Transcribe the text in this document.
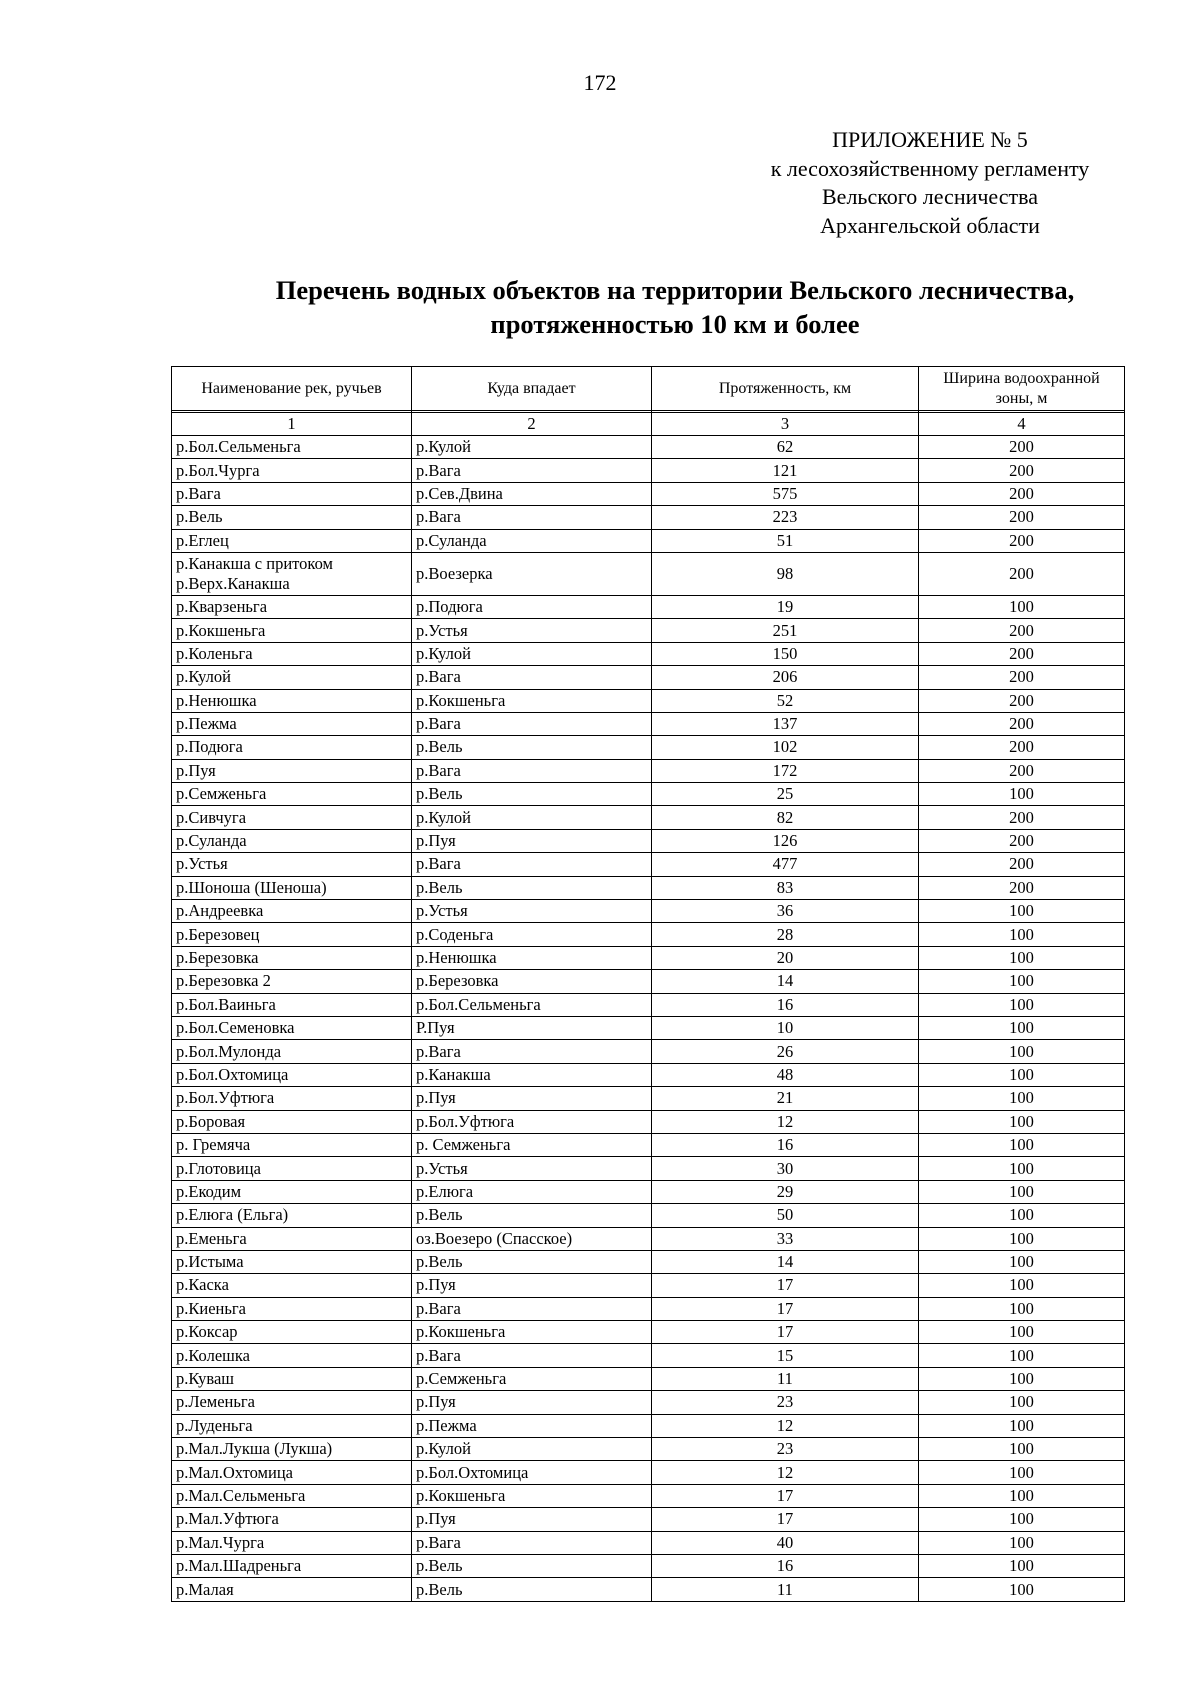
172
ПРИЛОЖЕНИЕ № 5
к лесохозяйственному регламенту
Вельского лесничества
Архангельской области
Перечень водных объектов на территории Вельского лесничества,
протяженностью 10 км и более
Наименование рек, ручьев	Куда впадает	Протяженность, км	Ширина водоохранной зоны, м

1	2	3	4
р.Бол.Сельменьга	р.Кулой	62	200
р.Бол.Чурга	р.Вага	121	200
р.Вага	р.Сев.Двина	575	200
р.Вель	р.Вага	223	200
р.Еглец	р.Суланда	51	200
р.Канакша с притоком р.Верх.Канакша	р.Воезерка	98	200
р.Кварзеньга	р.Подюга	19	100
р.Кокшеньга	р.Устья	251	200
р.Коленьга	р.Кулой	150	200
р.Кулой	р.Вага	206	200
р.Ненюшка	р.Кокшеньга	52	200
р.Пежма	р.Вага	137	200
р.Подюга	р.Вель	102	200
р.Пуя	р.Вага	172	200
р.Семженьга	р.Вель	25	100
р.Сивчуга	р.Кулой	82	200
р.Суланда	р.Пуя	126	200
р.Устья	р.Вага	477	200
р.Шоноша (Шеноша)	р.Вель	83	200
р.Андреевка	р.Устья	36	100
р.Березовец	р.Соденьга	28	100
р.Березовка	р.Ненюшка	20	100
р.Березовка 2	р.Березовка	14	100
р.Бол.Ваиньга	р.Бол.Сельменьга	16	100
р.Бол.Семеновка	Р.Пуя	10	100
р.Бол.Мулонда	р.Вага	26	100
р.Бол.Охтомица	р.Канакша	48	100
р.Бол.Уфтюга	р.Пуя	21	100
р.Боровая	р.Бол.Уфтюга	12	100
р. Гремяча	р. Семженьга	16	100
р.Глотовица	р.Устья	30	100
р.Екодим	р.Елюга	29	100
р.Елюга (Ельга)	р.Вель	50	100
р.Еменьга	оз.Воезеро (Спасское)	33	100
р.Истыма	р.Вель	14	100
р.Каска	р.Пуя	17	100
р.Киеньга	р.Вага	17	100
р.Коксар	р.Кокшеньга	17	100
р.Колешка	р.Вага	15	100
р.Куваш	р.Семженьга	11	100
р.Леменьга	р.Пуя	23	100
р.Луденьга	р.Пежма	12	100
р.Мал.Лукша (Лукша)	р.Кулой	23	100
р.Мал.Охтомица	р.Бол.Охтомица	12	100
р.Мал.Сельменьга	р.Кокшеньга	17	100
р.Мал.Уфтюга	р.Пуя	17	100
р.Мал.Чурга	р.Вага	40	100
р.Мал.Шадреньга	р.Вель	16	100
р.Малая	р.Вель	11	100
